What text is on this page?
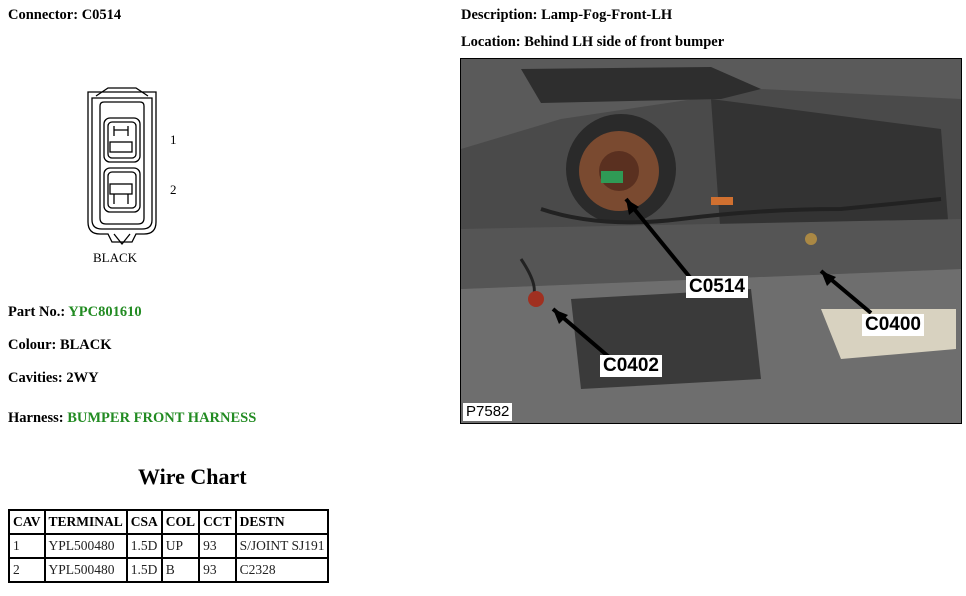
Connector: C0514
1
2
BLACK
Part No.: YPC801610
Colour: BLACK
Cavities: 2WY
Harness: BUMPER FRONT HARNESS
Wire Chart
CAV	TERMINAL	CSA	COL	CCT	DESTN
1	YPL500480	1.5D	UP	93	S/JOINT SJ191
2	YPL500480	1.5D	B	93	C2328
Description: Lamp-Fog-Front-LH
Location: Behind LH side of front bumper
C0514
C0402
C0400
P7582
